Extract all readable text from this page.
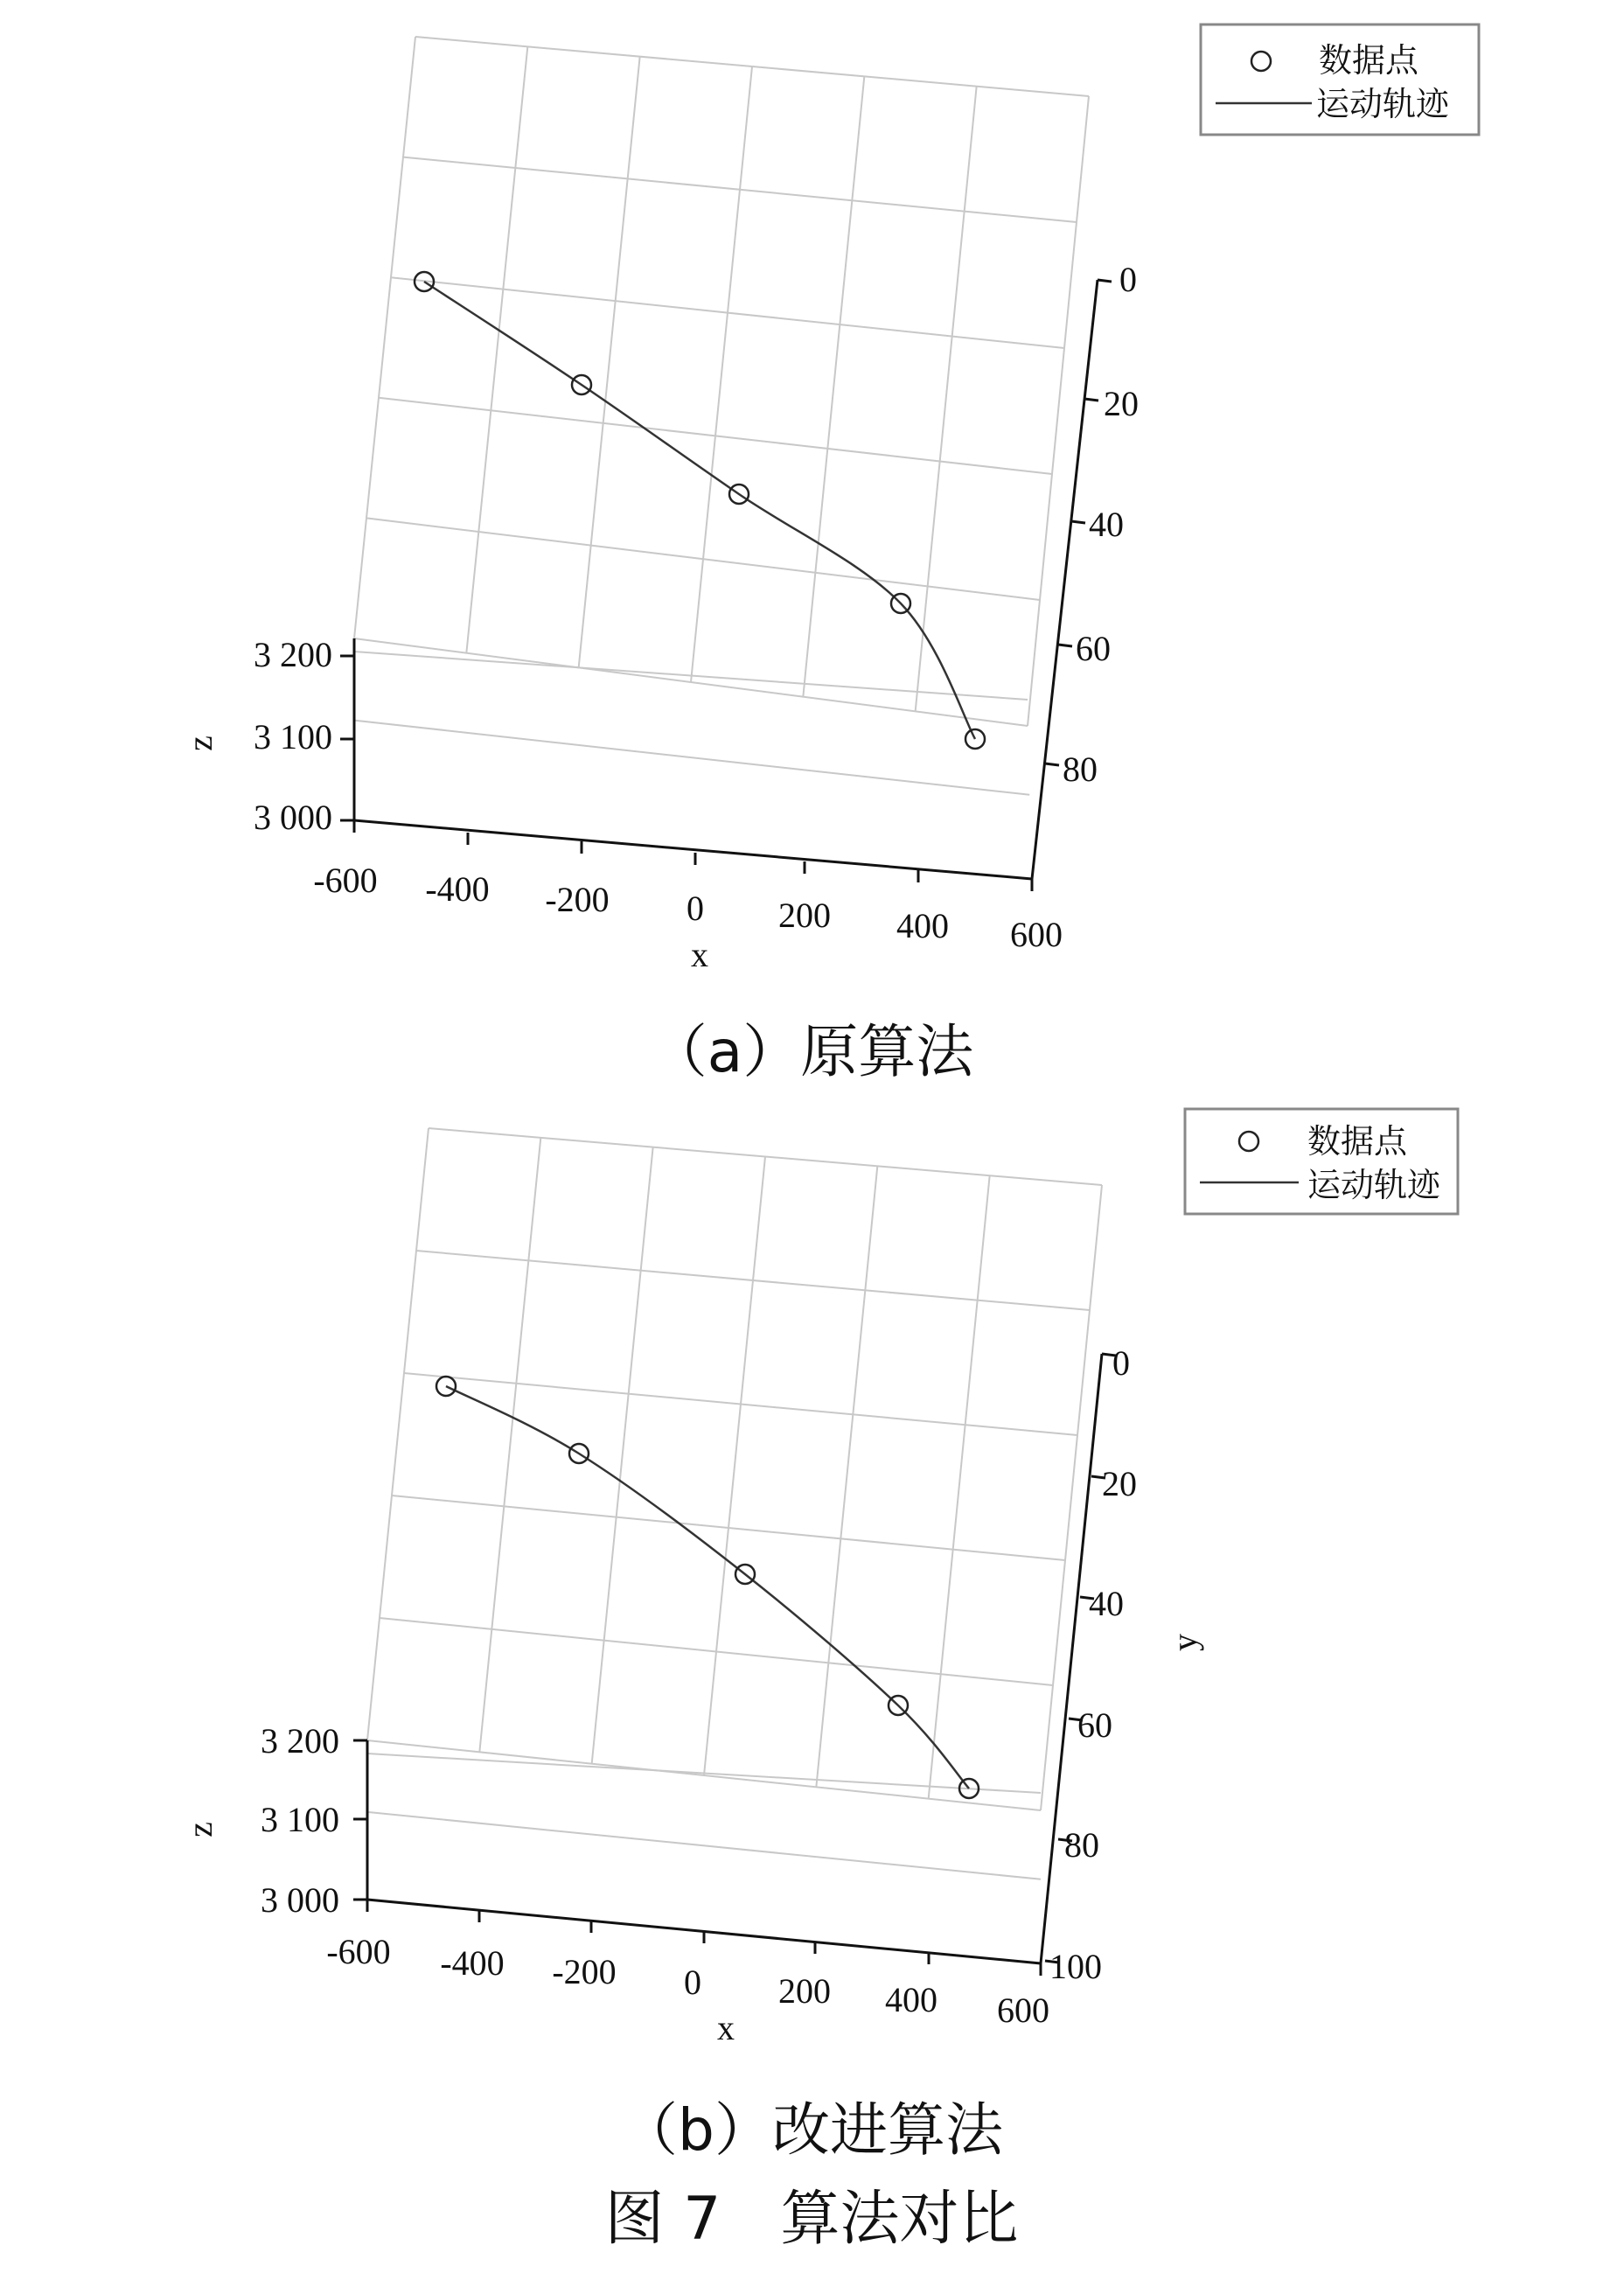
3 200
3 100
3 000
z
-600 -400 -200 0 200 400 600
x
0
20
40
60
80
数据点
运动轨迹
（a）原算法
3 200
3 100
3 000
z
-600 -400 -200 0 200 400 600
x
0
20
40
60
80
100
y
数据点
运动轨迹
（b）改进算法
图 7　算法对比
